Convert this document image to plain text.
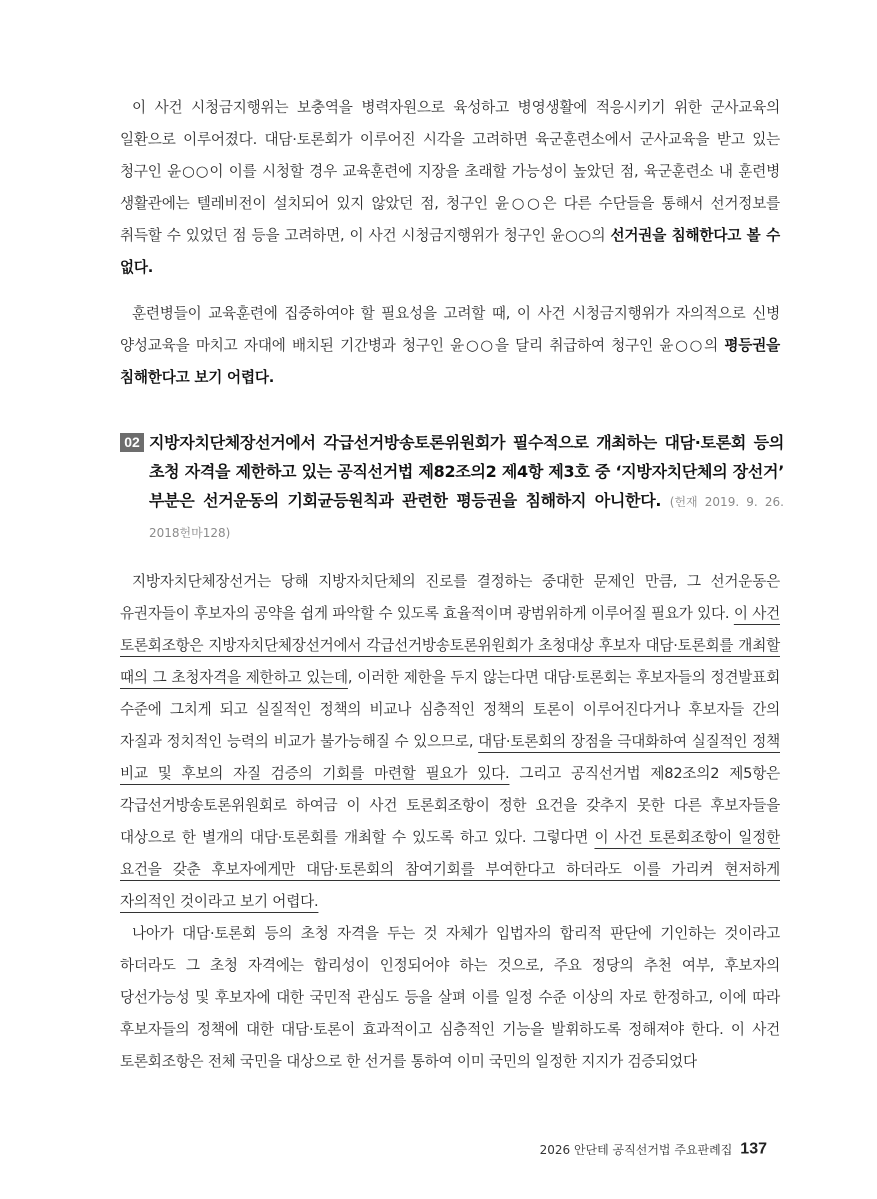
이 사건 시청금지행위는 보충역을 병력자원으로 육성하고 병영생활에 적응시키기 위한 군사교육의 일환으로 이루어졌다. 대담·토론회가 이루어진 시각을 고려하면 육군훈련소에서 군사교육을 받고 있는 청구인 윤○○이 이를 시청할 경우 교육훈련에 지장을 초래할 가능성이 높았던 점, 육군훈련소 내 훈련병 생활관에는 텔레비전이 설치되어 있지 않았던 점, 청구인 윤○○은 다른 수단들을 통해서 선거정보를 취득할 수 있었던 점 등을 고려하면, 이 사건 시청금지행위가 청구인 윤○○의 선거권을 침해한다고 볼 수 없다.

훈련병들이 교육훈련에 집중하여야 할 필요성을 고려할 때, 이 사건 시청금지행위가 자의적으로 신병 양성교육을 마치고 자대에 배치된 기간병과 청구인 윤○○을 달리 취급하여 청구인 윤○○의 평등권을 침해한다고 보기 어렵다.

02 지방자치단체장선거에서 각급선거방송토론위원회가 필수적으로 개최하는 대담·토론회 등의 초청 자격을 제한하고 있는 공직선거법 제82조의2 제4항 제3호 중 ‘지방자치단체의 장선거’ 부분은 선거운동의 기회균등원칙과 관련한 평등권을 침해하지 아니한다. (헌재 2019. 9. 26. 2018헌마128)

지방자치단체장선거는 당해 지방자치단체의 진로를 결정하는 중대한 문제인 만큼, 그 선거운동은 유권자들이 후보자의 공약을 쉽게 파악할 수 있도록 효율적이며 광범위하게 이루어질 필요가 있다. 이 사건 토론회조항은 지방자치단체장선거에서 각급선거방송토론위원회가 초청대상 후보자 대담·토론회를 개최할 때의 그 초청자격을 제한하고 있는데, 이러한 제한을 두지 않는다면 대담·토론회는 후보자들의 정견발표회 수준에 그치게 되고 실질적인 정책의 비교나 심층적인 정책의 토론이 이루어진다거나 후보자들 간의 자질과 정치적인 능력의 비교가 불가능해질 수 있으므로, 대담·토론회의 장점을 극대화하여 실질적인 정책 비교 및 후보의 자질 검증의 기회를 마련할 필요가 있다. 그리고 공직선거법 제82조의2 제5항은 각급선거방송토론위원회로 하여금 이 사건 토론회조항이 정한 요건을 갖추지 못한 다른 후보자들을 대상으로 한 별개의 대담·토론회를 개최할 수 있도록 하고 있다. 그렇다면 이 사건 토론회조항이 일정한 요건을 갖춘 후보자에게만 대담·토론회의 참여기회를 부여한다고 하더라도 이를 가리켜 현저하게 자의적인 것이라고 보기 어렵다.

나아가 대담·토론회 등의 초청 자격을 두는 것 자체가 입법자의 합리적 판단에 기인하는 것이라고 하더라도 그 초청 자격에는 합리성이 인정되어야 하는 것으로, 주요 정당의 추천 여부, 후보자의 당선가능성 및 후보자에 대한 국민적 관심도 등을 살펴 이를 일정 수준 이상의 자로 한정하고, 이에 따라 후보자들의 정책에 대한 대담·토론이 효과적이고 심층적인 기능을 발휘하도록 정해져야 한다. 이 사건 토론회조항은 전체 국민을 대상으로 한 선거를 통하여 이미 국민의 일정한 지지가 검증되었다

2026 안단테 공직선거법 주요판례집 137
